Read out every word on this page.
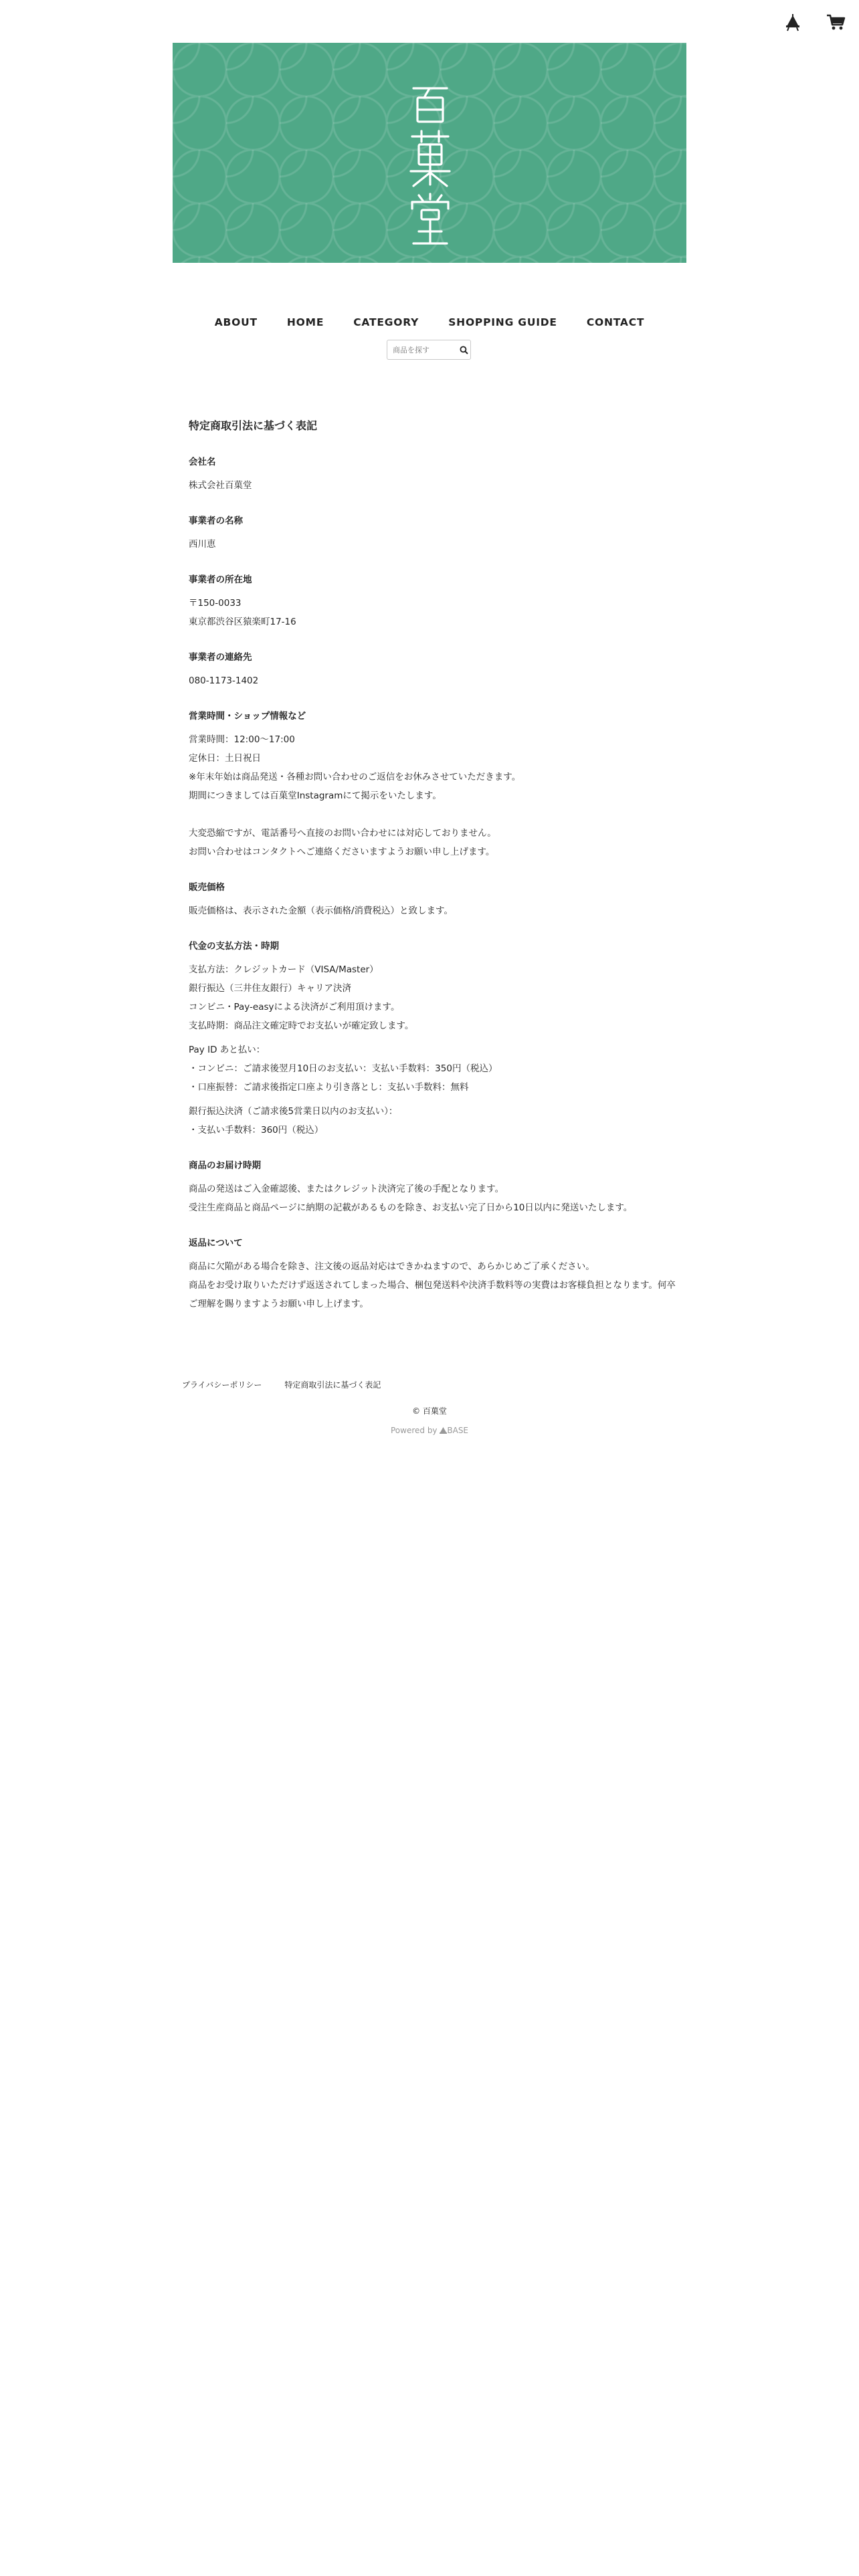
ABOUT	HOME	CATEGORY	SHOPPING GUIDE	CONTACT
商品を探す
特定商取引法に基づく表記
会社名

株式会社百菓堂

事業者の名称

西川恵

事業者の所在地

〒150-0033
東京都渋谷区猿楽町17-16

事業者の連絡先

080-1173-1402

営業時間・ショップ情報など

営業時間：12:00〜17:00
定休日：土日祝日
※年末年始は商品発送・各種お問い合わせのご返信をお休みさせていただきます。
期間につきましては百菓堂Instagramにて掲示をいたします。

大変恐縮ですが、電話番号へ直接のお問い合わせには対応しておりません。
お問い合わせはコンタクトへご連絡くださいますようお願い申し上げます。

販売価格

販売価格は、表示された金額（表示価格/消費税込）と致します。

代金の支払方法・時期

支払方法：クレジットカード（VISA/Master）
銀行振込（三井住友銀行）キャリア決済
コンビニ・Pay-easyによる決済がご利用頂けます。
支払時期：商品注文確定時でお支払いが確定致します。

Pay ID あと払い：
・コンビニ：ご請求後翌月10日のお支払い：支払い手数料：350円（税込）
・口座振替：ご請求後指定口座より引き落とし：支払い手数料：無料

銀行振込決済（ご請求後5営業日以内のお支払い）：
・支払い手数料：360円（税込）

商品のお届け時期

商品の発送はご入金確認後、またはクレジット決済完了後の手配となります。
受注生産商品と商品ページに納期の記載があるものを除き、お支払い完了日から10日以内に発送いたします。

返品について

商品に欠陥がある場合を除き、注文後の返品対応はできかねますので、あらかじめご了承ください。
商品をお受け取りいただけず返送されてしまった場合、梱包発送料や決済手数料等の実費はお客様負担となります。何卒ご理解を賜りますようお願い申し上げます。

プライバシーポリシー	特定商取引法に基づく表記
© 百菓堂
Powered by BASE
